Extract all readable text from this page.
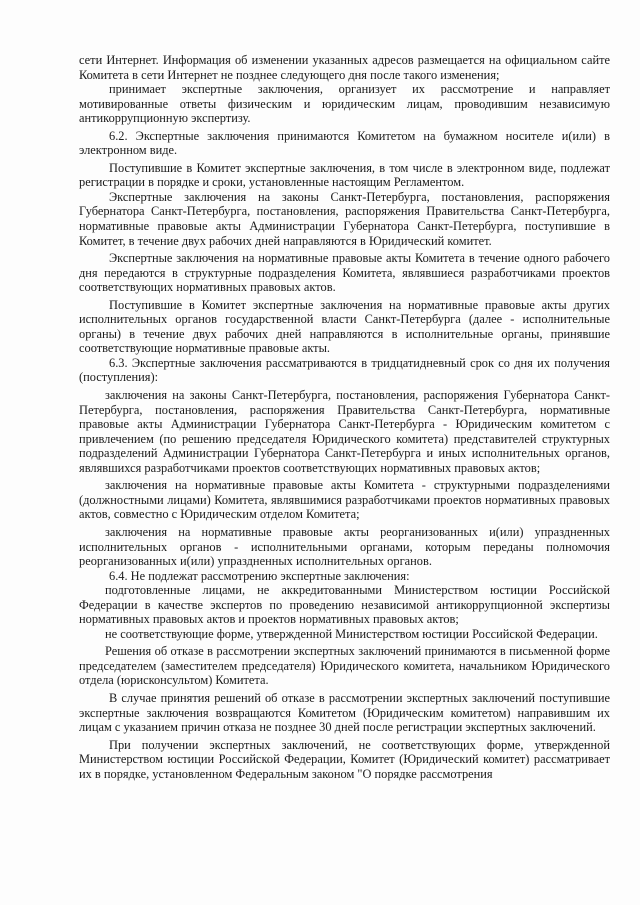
сети Интернет. Информация об изменении указанных адресов размещается на официальном сайте Комитета в сети Интернет не позднее следующего дня после такого изменения;

принимает экспертные заключения, организует их рассмотрение и направляет мотивированные ответы физическим и юридическим лицам, проводившим независимую антикоррупционную экспертизу.

6.2. Экспертные заключения принимаются Комитетом на бумажном носителе и(или) в электронном виде.

Поступившие в Комитет экспертные заключения, в том числе в электронном виде, подлежат регистрации в порядке и сроки, установленные настоящим Регламентом.

Экспертные заключения на законы Санкт-Петербурга, постановления, распоряжения Губернатора Санкт-Петербурга, постановления, распоряжения Правительства Санкт-Петербурга, нормативные правовые акты Администрации Губернатора Санкт-Петербурга, поступившие в Комитет, в течение двух рабочих дней направляются в Юридический комитет.

Экспертные заключения на нормативные правовые акты Комитета в течение одного рабочего дня передаются в структурные подразделения Комитета, являвшиеся разработчиками проектов соответствующих нормативных правовых актов.

Поступившие в Комитет экспертные заключения на нормативные правовые акты других исполнительных органов государственной власти Санкт-Петербурга (далее - исполнительные органы) в течение двух рабочих дней направляются в исполнительные органы, принявшие соответствующие нормативные правовые акты.

6.3. Экспертные заключения рассматриваются в тридцатидневный срок со дня их получения (поступления):

заключения на законы Санкт-Петербурга, постановления, распоряжения Губернатора Санкт-Петербурга, постановления, распоряжения Правительства Санкт-Петербурга, нормативные правовые акты Администрации Губернатора Санкт-Петербурга - Юридическим комитетом с привлечением (по решению председателя Юридического комитета) представителей структурных подразделений Администрации Губернатора Санкт-Петербурга и иных исполнительных органов, являвшихся разработчиками проектов соответствующих нормативных правовых актов;

заключения на нормативные правовые акты Комитета - структурными подразделениями (должностными лицами) Комитета, являвшимися разработчиками проектов нормативных правовых актов, совместно с Юридическим отделом Комитета;

заключения на нормативные правовые акты реорганизованных и(или) упраздненных исполнительных органов - исполнительными органами, которым переданы полномочия реорганизованных и(или) упраздненных исполнительных органов.

6.4. Не подлежат рассмотрению экспертные заключения:

подготовленные лицами, не аккредитованными Министерством юстиции Российской Федерации в качестве экспертов по проведению независимой антикоррупционной экспертизы нормативных правовых актов и проектов нормативных правовых актов;

не соответствующие форме, утвержденной Министерством юстиции Российской Федерации.

Решения об отказе в рассмотрении экспертных заключений принимаются в письменной форме председателем (заместителем председателя) Юридического комитета, начальником Юридического отдела (юрисконсультом) Комитета.

В случае принятия решений об отказе в рассмотрении экспертных заключений поступившие экспертные заключения возвращаются Комитетом (Юридическим комитетом) направившим их лицам с указанием причин отказа не позднее 30 дней после регистрации экспертных заключений.

При получении экспертных заключений, не соответствующих форме, утвержденной Министерством юстиции Российской Федерации, Комитет (Юридический комитет) рассматривает их в порядке, установленном Федеральным законом "О порядке рассмотрения
